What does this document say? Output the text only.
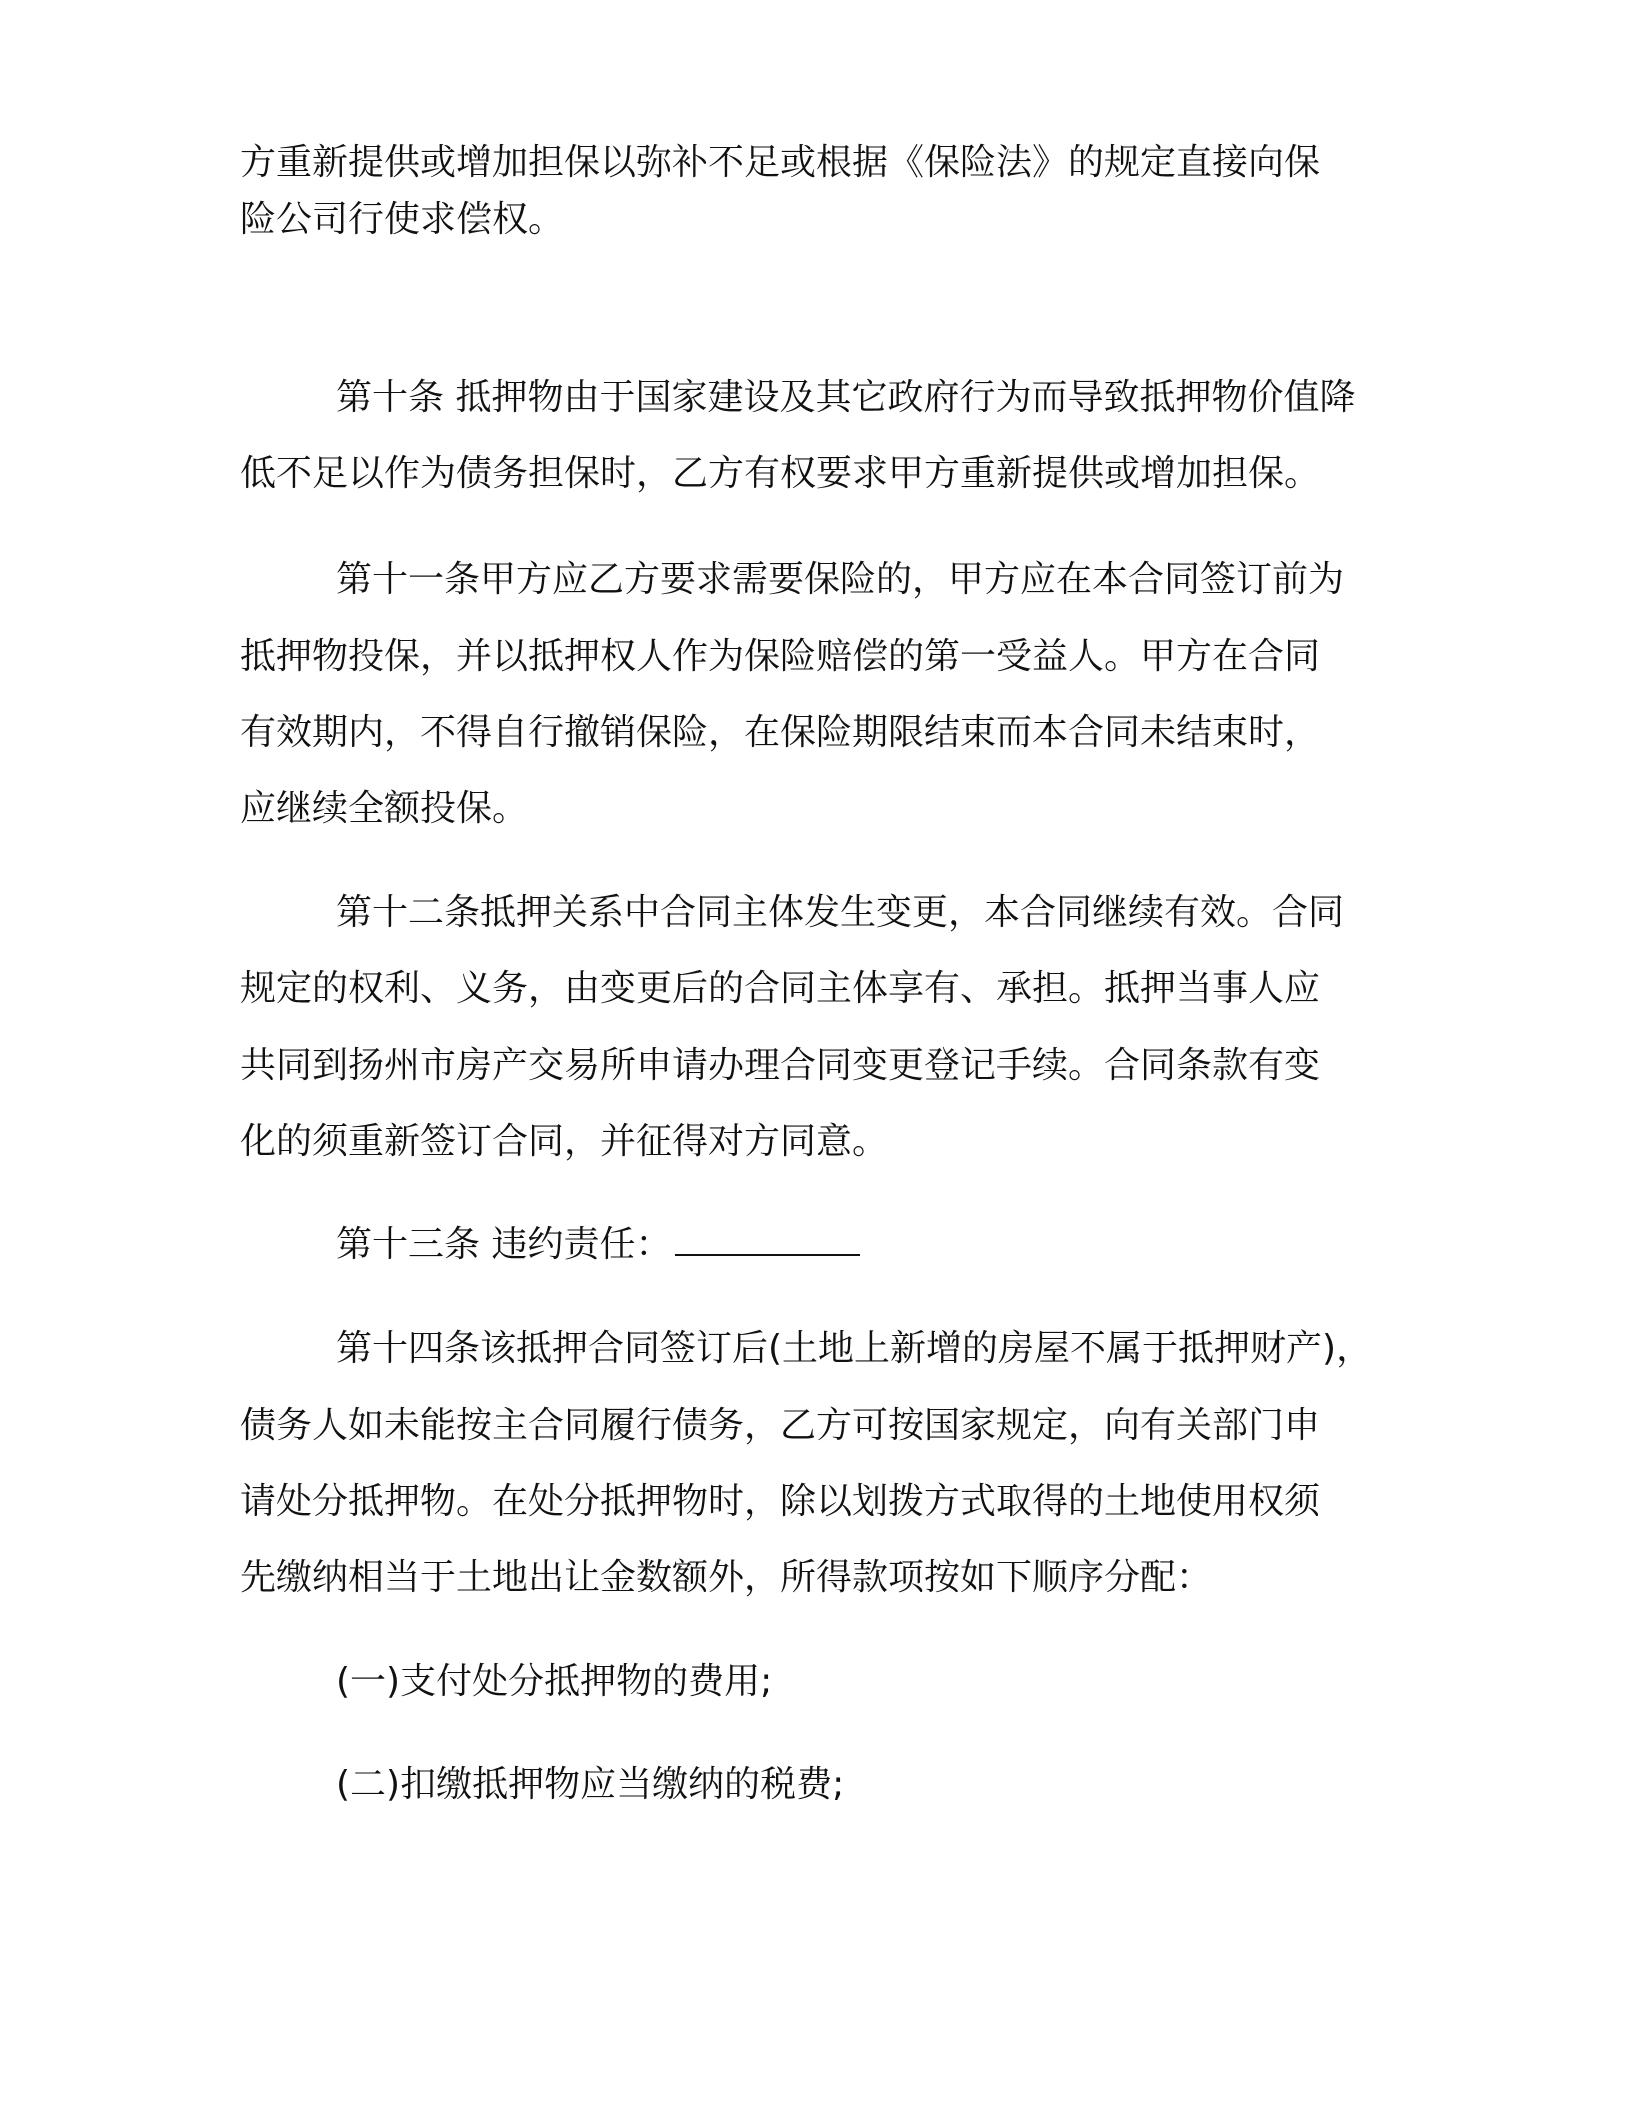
方重新提供或增加担保以弥补不足或根据《保险法》的规定直接向保
险公司行使求偿权。
第十条 抵押物由于国家建设及其它政府行为而导致抵押物价值降
低不足以作为债务担保时，乙方有权要求甲方重新提供或增加担保。
第十一条甲方应乙方要求需要保险的，甲方应在本合同签订前为
抵押物投保，并以抵押权人作为保险赔偿的第一受益人。甲方在合同
有效期内，不得自行撤销保险，在保险期限结束而本合同未结束时，
应继续全额投保。
第十二条抵押关系中合同主体发生变更，本合同继续有效。合同
规定的权利、义务，由变更后的合同主体享有、承担。抵押当事人应
共同到扬州市房产交易所申请办理合同变更登记手续。合同条款有变
化的须重新签订合同，并征得对方同意。
第十三条 违约责任：
第十四条该抵押合同签订后(土地上新增的房屋不属于抵押财产)，
债务人如未能按主合同履行债务，乙方可按国家规定，向有关部门申
请处分抵押物。在处分抵押物时，除以划拨方式取得的土地使用权须
先缴纳相当于土地出让金数额外，所得款项按如下顺序分配：
(一)支付处分抵押物的费用;
(二)扣缴抵押物应当缴纳的税费;
